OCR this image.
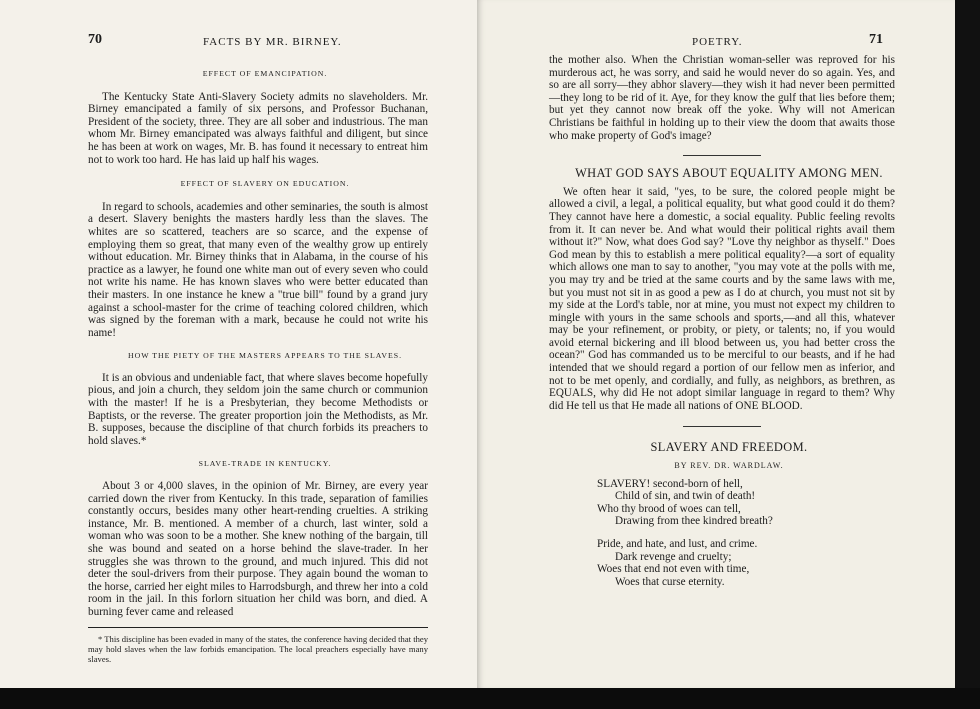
70	FACTS BY MR. BIRNEY.

EFFECT OF EMANCIPATION.

The Kentucky State Anti-Slavery Society admits no slaveholders. Mr. Birney emancipated a family of six persons, and Professor Buchanan, President of the society, three. They are all sober and industrious. The man whom Mr. Birney emancipated was always faithful and diligent, but since he has been at work on wages, Mr. B. has found it necessary to entreat him not to work too hard. He has laid up half his wages.

EFFECT OF SLAVERY ON EDUCATION.

In regard to schools, academies and other seminaries, the south is almost a desert. Slavery benights the masters hardly less than the slaves. The whites are so scattered, teachers are so scarce, and the expense of employing them so great, that many even of the wealthy grow up entirely without education. Mr. Birney thinks that in Alabama, in the course of his practice as a lawyer, he found one white man out of every seven who could not write his name. He has known slaves who were better educated than their masters. In one instance he knew a "true bill" found by a grand jury against a school-master for the crime of teaching colored children, which was signed by the foreman with a mark, because he could not write his name!

HOW THE PIETY OF THE MASTERS APPEARS TO THE SLAVES.

It is an obvious and undeniable fact, that where slaves become hopefully pious, and join a church, they seldom join the same church or communion with the master! If he is a Presbyterian, they become Methodists or Baptists, or the reverse. The greater proportion join the Methodists, as Mr. B. supposes, because the discipline of that church forbids its preachers to hold slaves.*

SLAVE-TRADE IN KENTUCKY.

About 3 or 4,000 slaves, in the opinion of Mr. Birney, are every year carried down the river from Kentucky. In this trade, separation of families constantly occurs, besides many other heart-rending cruelties. A striking instance, Mr. B. mentioned. A member of a church, last winter, sold a woman who was soon to be a mother. She knew nothing of the bargain, till she was bound and seated on a horse behind the slave-trader. In her struggles she was thrown to the ground, and much injured. This did not deter the soul-drivers from their purpose. They again bound the woman to the horse, carried her eight miles to Harrodsburgh, and threw her into a cold room in the jail. In this forlorn situation her child was born, and died. A burning fever came and released

* This discipline has been evaded in many of the states, the conference having decided that they may hold slaves when the law forbids emancipation. The local preachers especially have many slaves.

POETRY.	71

the mother also. When the Christian woman-seller was reproved for his murderous act, he was sorry, and said he would never do so again. Yes, and so are all sorry—they abhor slavery—they wish it had never been permitted—they long to be rid of it. Aye, for they know the gulf that lies before them; but yet they cannot now break off the yoke. Why will not American Christians be faithful in holding up to their view the doom that awaits those who make property of God's image?

WHAT GOD SAYS ABOUT EQUALITY AMONG MEN.

We often hear it said, "yes, to be sure, the colored people might be allowed a civil, a legal, a political equality, but what good could it do them? They cannot have here a domestic, a social equality. Public feeling revolts from it. It can never be. And what would their political rights avail them without it?" Now, what does God say? "Love thy neighbor as thyself." Does God mean by this to establish a mere political equality?—a sort of equality which allows one man to say to another, "you may vote at the polls with me, you may try and be tried at the same courts and by the same laws with me, but you must not sit in as good a pew as I do at church, you must not sit by my side at the Lord's table, nor at mine, you must not expect my children to mingle with yours in the same schools and sports,—and all this, whatever may be your refinement, or probity, or piety, or talents; no, if you would avoid eternal bickering and ill blood between us, you had better cross the ocean?" God has commanded us to be merciful to our beasts, and if he had intended that we should regard a portion of our fellow men as inferior, and not to be met openly, and cordially, and fully, as neighbors, as brethren, as EQUALS, why did He not adopt similar language in regard to them? Why did He tell us that He made all nations of ONE BLOOD.

SLAVERY AND FREEDOM.

BY REV. DR. WARDLAW.

SLAVERY! second-born of hell,

Child of sin, and twin of death!

Who thy brood of woes can tell,

Drawing from thee kindred breath?

Pride, and hate, and lust, and crime.

Dark revenge and cruelty;

Woes that end not even with time,

Woes that curse eternity.
